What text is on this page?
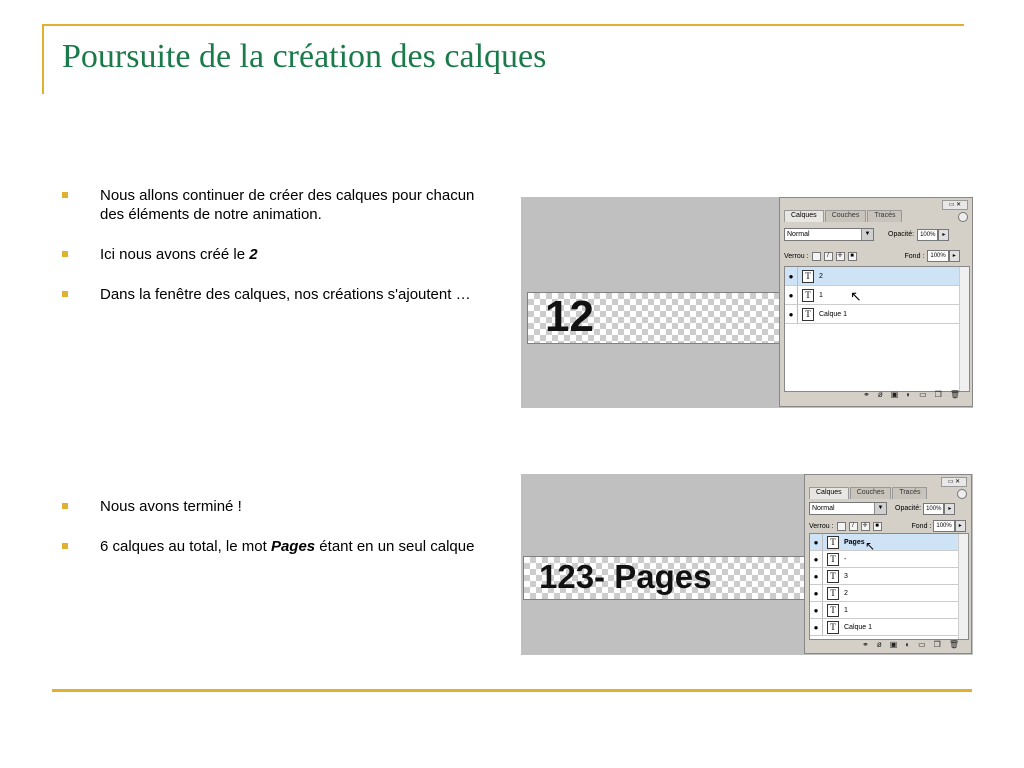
Poursuite de la création des calques
Nous allons continuer de créer des calques pour chacun des éléments de notre animation.
Ici nous avons créé le 2
Dans la fenêtre des calques, nos créations s'ajoutent …
Nous avons terminé !
6 calques au total, le mot Pages étant en un seul calque
12
▭ ✕
Calques	Couches	Tracés
Normal	▼	Opacité:	100%	▸
Verrou :	/	✛	■	Fond :	100%	▸
●	T	2
●	T	1
●	T	Calque 1
↖
⚭ ø ▣ ◐ ▭ ❐ 🗑
123- Pages
▭ ✕
Calques	Couches	Tracés
Normal	▼	Opacité: 100%	▸
Verrou :	/	✛	■	Fond : 100%	▸
●	T	Pages
●	T	-
●	T	3
●	T	2
●	T	1
●	T	Calque 1
↖
⚭ ø ▣ ◐ ▭ ❐ 🗑
